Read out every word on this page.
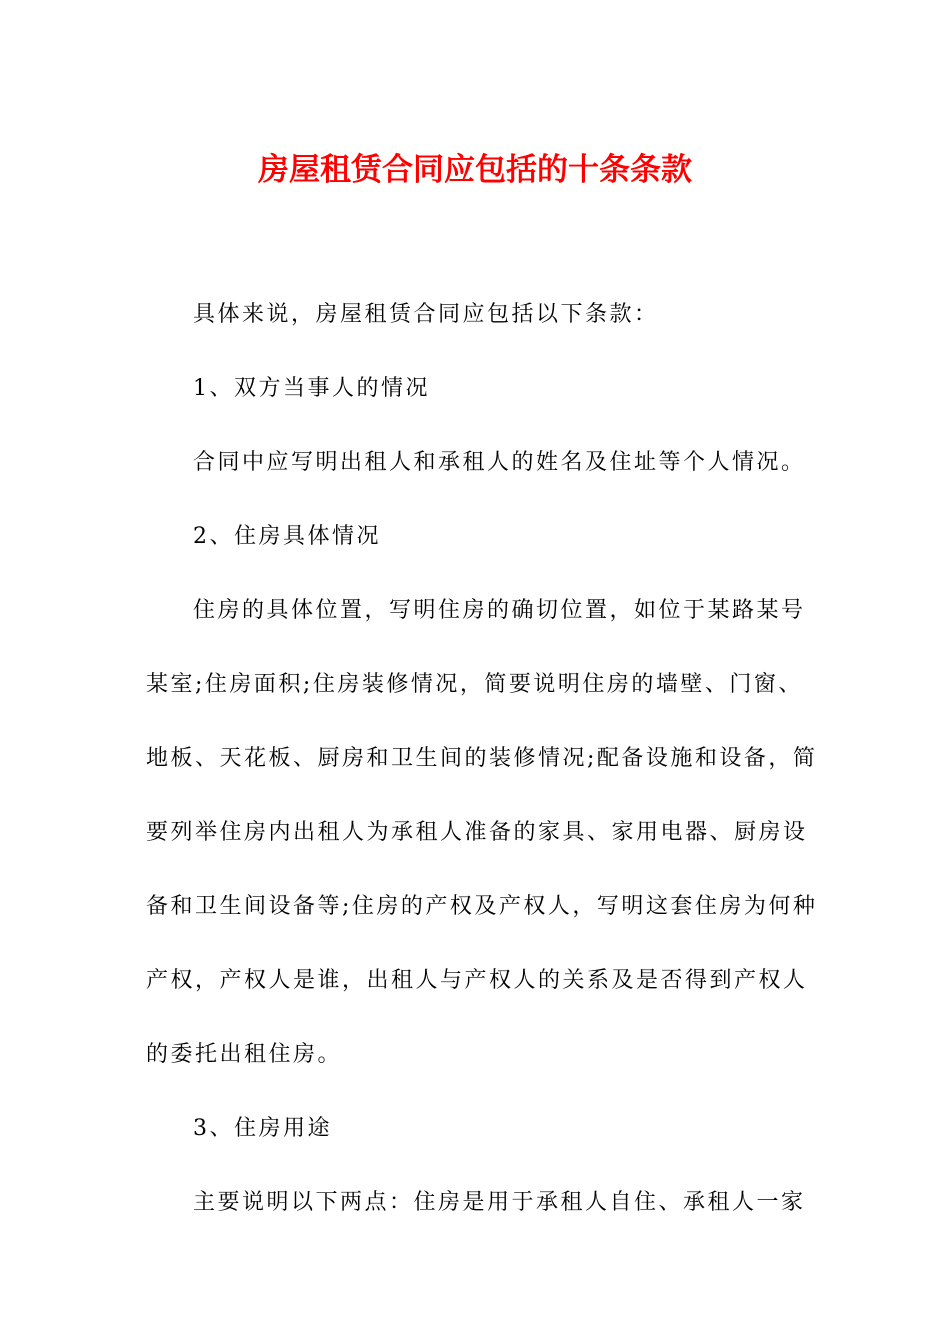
房屋租赁合同应包括的十条条款

具体来说，房屋租赁合同应包括以下条款：

1、双方当事人的情况

合同中应写明出租人和承租人的姓名及住址等个人情况。

2、住房具体情况

住房的具体位置，写明住房的确切位置，如位于某路某号

某室;住房面积;住房装修情况，简要说明住房的墙壁、门窗、

地板、天花板、厨房和卫生间的装修情况;配备设施和设备，简

要列举住房内出租人为承租人准备的家具、家用电器、厨房设

备和卫生间设备等;住房的产权及产权人，写明这套住房为何种

产权，产权人是谁，出租人与产权人的关系及是否得到产权人

的委托出租住房。

3、住房用途

主要说明以下两点：住房是用于承租人自住、承租人一家
